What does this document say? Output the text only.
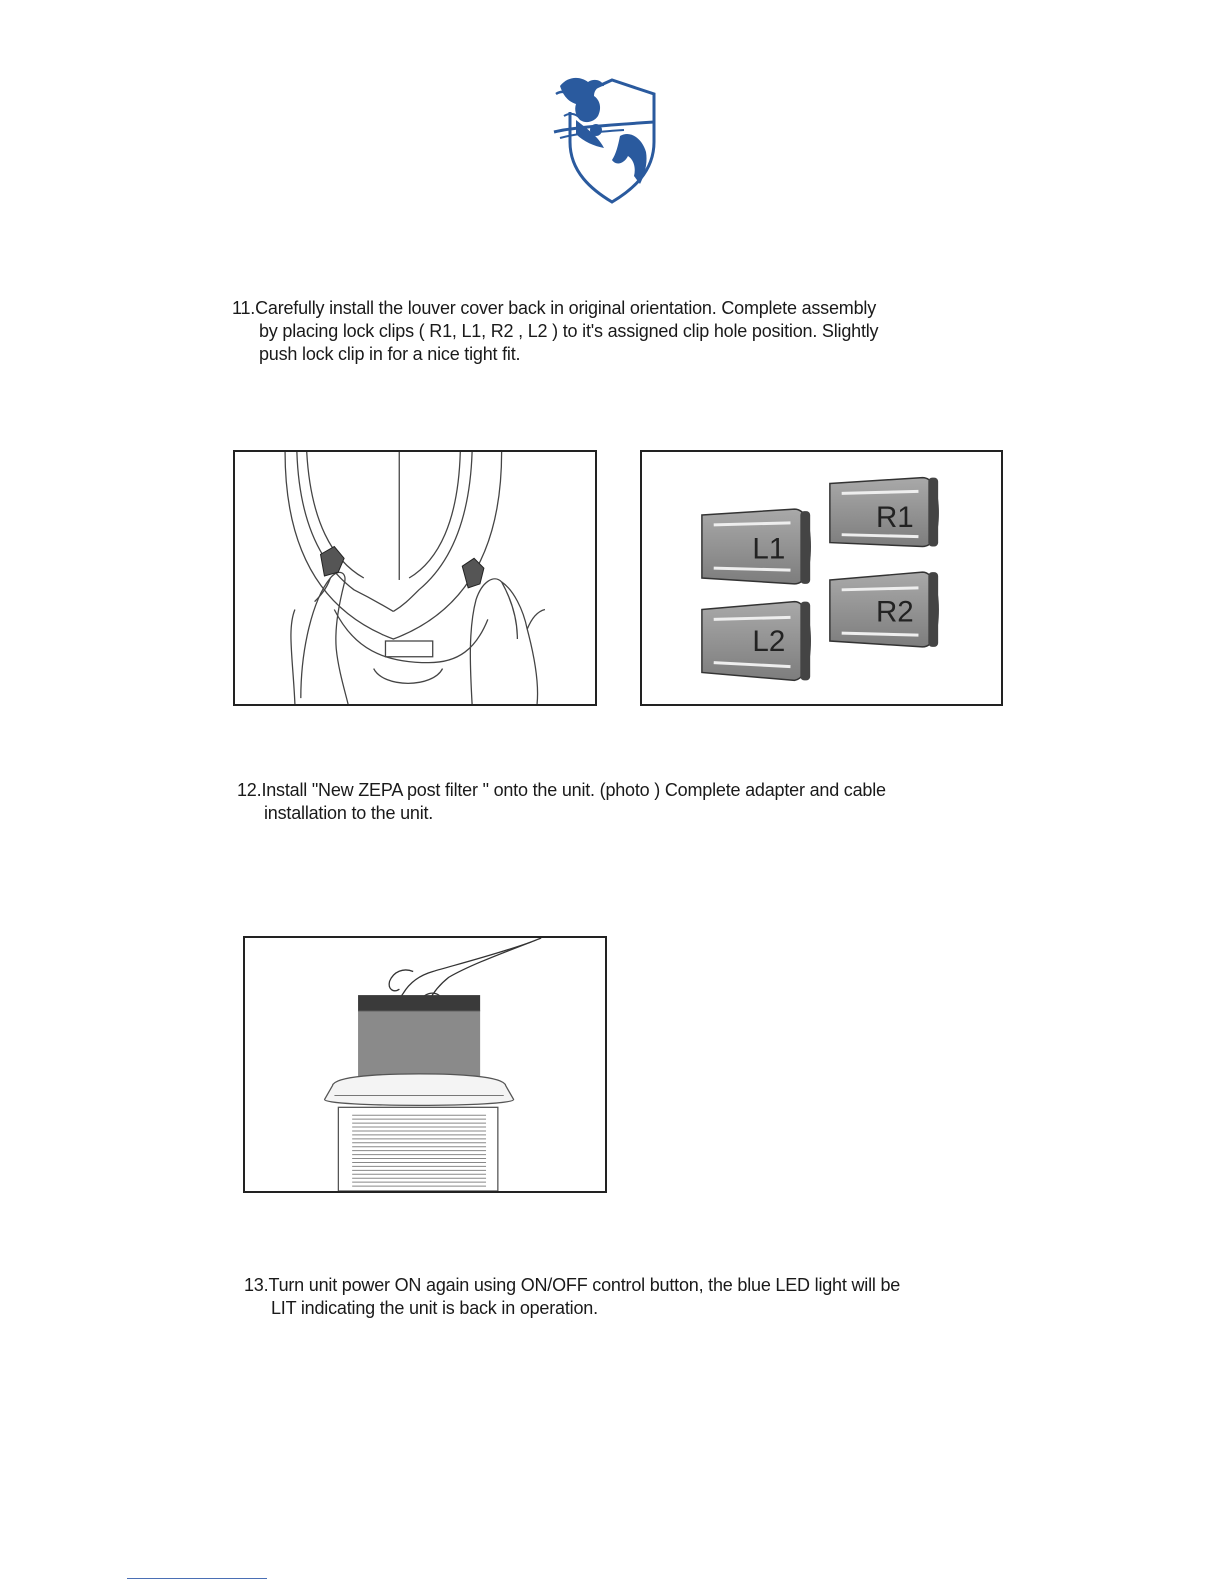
11.Carefully install the louver cover back in original orientation. Complete assembly
by placing lock clips ( R1, L1, R2 , L2 ) to it's assigned clip hole position. Slightly
push lock clip in for a nice tight fit.
L1
R1
R2
L2
12.Install "New ZEPA post filter " onto the unit. (photo ) Complete adapter and cable
installation to the unit.
13.Turn unit power ON again using ON/OFF control button, the blue LED light will be
LIT indicating the unit is back in operation.
